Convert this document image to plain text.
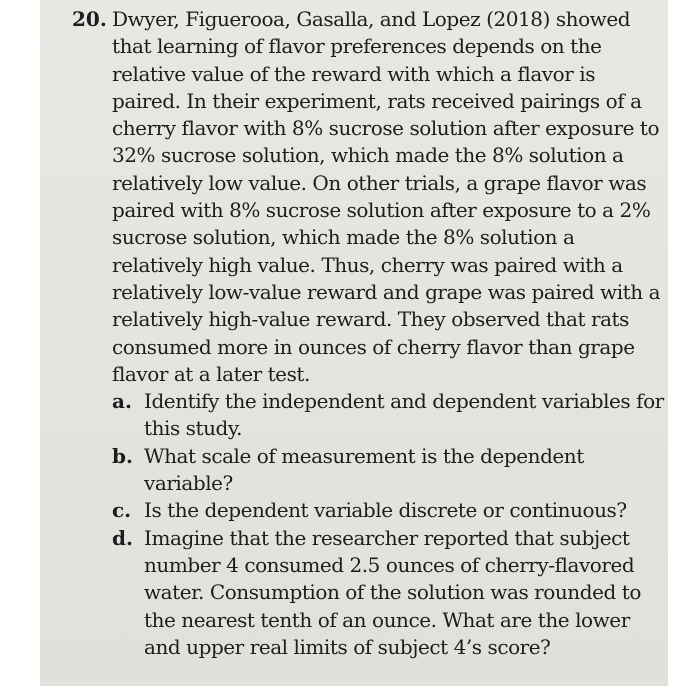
20. Dwyer, Figuerooa, Gasalla, and Lopez (2018) showed that learning of flavor preferences depends on the relative value of the reward with which a flavor is paired. In their experiment, rats received pairings of a cherry flavor with 8% sucrose solution after exposure to 32% sucrose solution, which made the 8% solution a relatively low value. On other trials, a grape flavor was paired with 8% sucrose solution after exposure to a 2% sucrose solution, which made the 8% solution a relatively high value. Thus, cherry was paired with a relatively low-value reward and grape was paired with a relatively high-value reward. They observed that rats consumed more in ounces of cherry flavor than grape flavor at a later test.

a. Identify the independent and dependent variables for this study.
b. What scale of measurement is the dependent variable?
c. Is the dependent variable discrete or continuous?
d. Imagine that the researcher reported that subject number 4 consumed 2.5 ounces of cherry-flavored water. Consumption of the solution was rounded to the nearest tenth of an ounce. What are the lower and upper real limits of subject 4’s score?
